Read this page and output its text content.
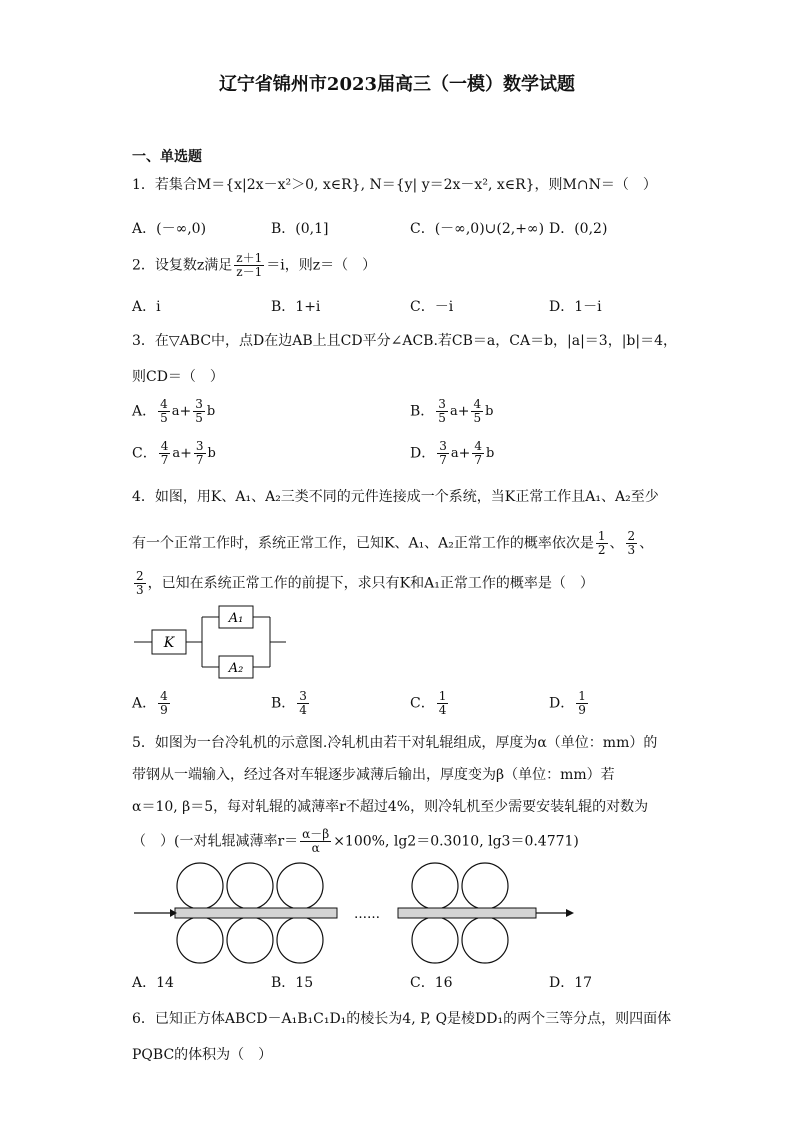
辽宁省锦州市2023届高三（一模）数学试题
一、单选题
1．若集合M＝{x|2x－x²＞0, x∈R}, N＝{y| y＝2x－x², x∈R}，则M∩N＝（　）
A．(－∞,0)	B．(0,1]	C．(－∞,0)∪(2,+∞) D．(0,2)
2．设复数z满足 $\frac{z+1}{z-1} =i$，则z＝（　）
A．i	B．1+i	C．－i	D．1－i
3．在▽ABC中，点D在边AB上且CD平分∠ACB.若CB＝a，CA＝b，|a|＝3，|b|＝4，
则CD＝（　）
A． $\frac{4}{5} a+ \frac{3}{5}$ b	B． $\frac{3}{5} a+ \frac{4}{5}$ b
C． $\frac{4}{7} a+ \frac{3}{7}$ b	D． $\frac{3}{7} a+ \frac{4}{7}$ b
4．如图，用K、A₁、A₂三类不同的元件连接成一个系统，当K正常工作且A₁、A₂至少
有一个正常工作时，系统正常工作，已知K、A₁、A₂正常工作的概率依次是 $\frac{1}{2}$ 、 $\frac{2}{3}$ 、
$\frac{2}{3}$ ，已知在系统正常工作的前提下，求只有K和A₁正常工作的概率是（　）
K
A₁
A₂
A． $\frac{4}{9}$	B． $\frac{3}{4}$	C． $\frac{1}{4}$	D． $\frac{1}{9}$
5．如图为一台冷轧机的示意图.冷轧机由若干对轧辊组成，厚度为α（单位：mm）的
带钢从一端输入，经过各对车辊逐步减薄后输出，厚度变为β（单位：mm）若
α＝10, β＝5，每对轧辊的减薄率r不超过4%，则冷轧机至少需要安装轧辊的对数为
（　）(一对轧辊减薄率$r= \frac{\alpha-\beta}{\alpha} \times 100\%$, lg2＝0.3010, lg3＝0.4771)
……
A．14	B．15	C．16	D．17
6．已知正方体ABCD－A₁B₁C₁D₁的棱长为4, P, Q是棱DD₁的两个三等分点，则四面体
PQBC的体积为（　）
